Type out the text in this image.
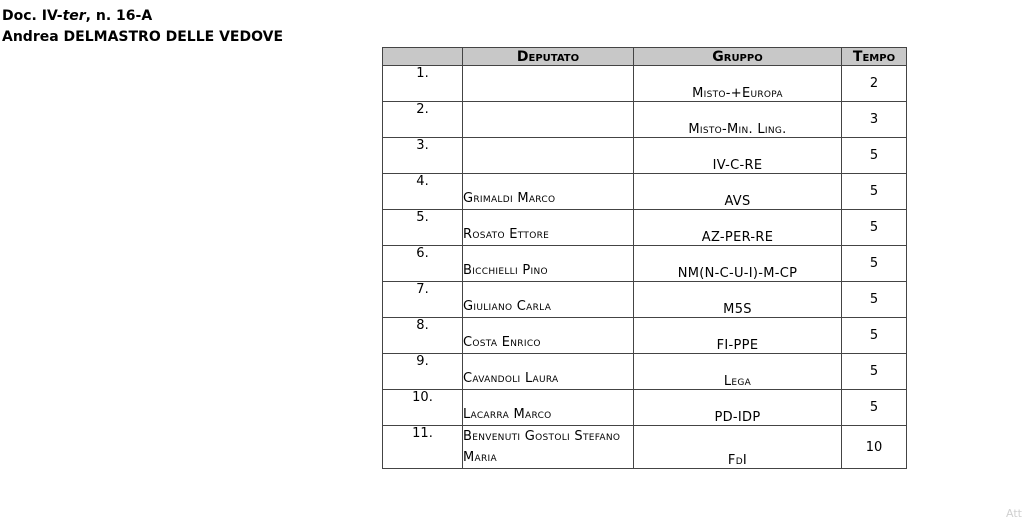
Doc. IV-ter, n. 16-A
Andrea DELMASTRO DELLE VEDOVE
	Deputato	Gruppo	Tempo
1.		Misto-+Europa	2
2.		Misto-Min. Ling.	3
3.		IV-C-RE	5
4.	Grimaldi Marco	AVS	5
5.	Rosato Ettore	AZ-PER-RE	5
6.	Bicchielli Pino	NM(N-C-U-I)-M-CP	5
7.	Giuliano Carla	M5S	5
8.	Costa Enrico	FI-PPE	5
9.	Cavandoli Laura	Lega	5
10.	Lacarra Marco	PD-IDP	5
11.	Benvenuti Gostoli Stefano Maria	FdI	10
Att
